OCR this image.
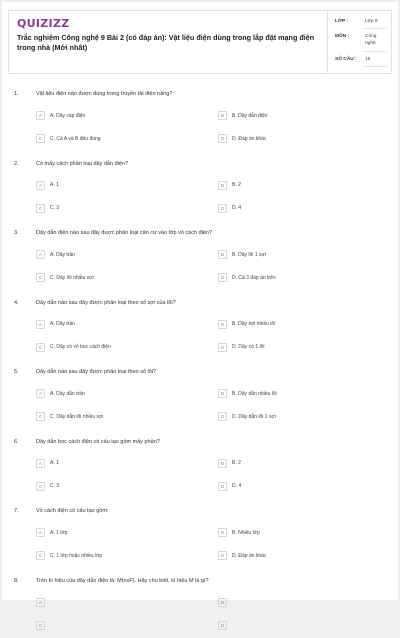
QUIZIZZ
Trắc nghiệm Công nghệ 9 Bài 2 (có đáp án): Vật liệu điện dùng trong lắp đặt mạng điện trong nhà (Mới nhất)
LỚP :	Lớp 9
MÔN :	Công nghệ
SỐ CÂU : 15
1.	Vật liệu điện nào được dùng trong truyền tải điện năng?
A	A. Dây cáp điện	B	B. Dây dẫn điện
C	C. Cả A và B đều đúng	D	D. Đáp án khác
2.	Có mấy cách phân loại dây dẫn điện?
A	A. 1	B	B. 2
C	C. 3	D	D. 4
3.	Dây dẫn điện nào sau đây được phân loại căn cứ vào lớp vỏ cách điện?
A	A. Dây trần	B	B. Dây lõi 1 sợi
C	C. Dây lõi nhiều sợi	D	D. Cả 3 đáp án trên
4.	Dây dẫn nào sau đây được phân loại theo số sợi của lõi?
A	A. Dây trần	B	B. Dây sợi nhiều lõi
C	C. Dây có vỏ bọc cách điện	D	D. Dây có 1 lõi
5.	Dây dẫn nào sau đây được phân loại theo số lõi?
A	A. Dây dẫn trần	B	B. Dây dẫn nhiều lõi
C	C. Dây dẫn lõi nhiều sợi	D	D. Dây dẫn lõi 1 sợi
6.	Dây dẫn bọc cách điện có cấu tạo gồm mấy phần?
A	A. 1	B	B. 2
C	C. 3	D	D. 4
7.	Vỏ cách điện có cấu tạo gồm:
A	A. 1 lớp	B	B. Nhiều lớp
C	C. 1 lớp hoặc nhiều lớp	D	D. Đáp án khác
8.	Trên kí hiệu của dây dẫn điện là: M(nxF). Hãy cho biết, kí hiệu M là gì?
A	B
C	D
